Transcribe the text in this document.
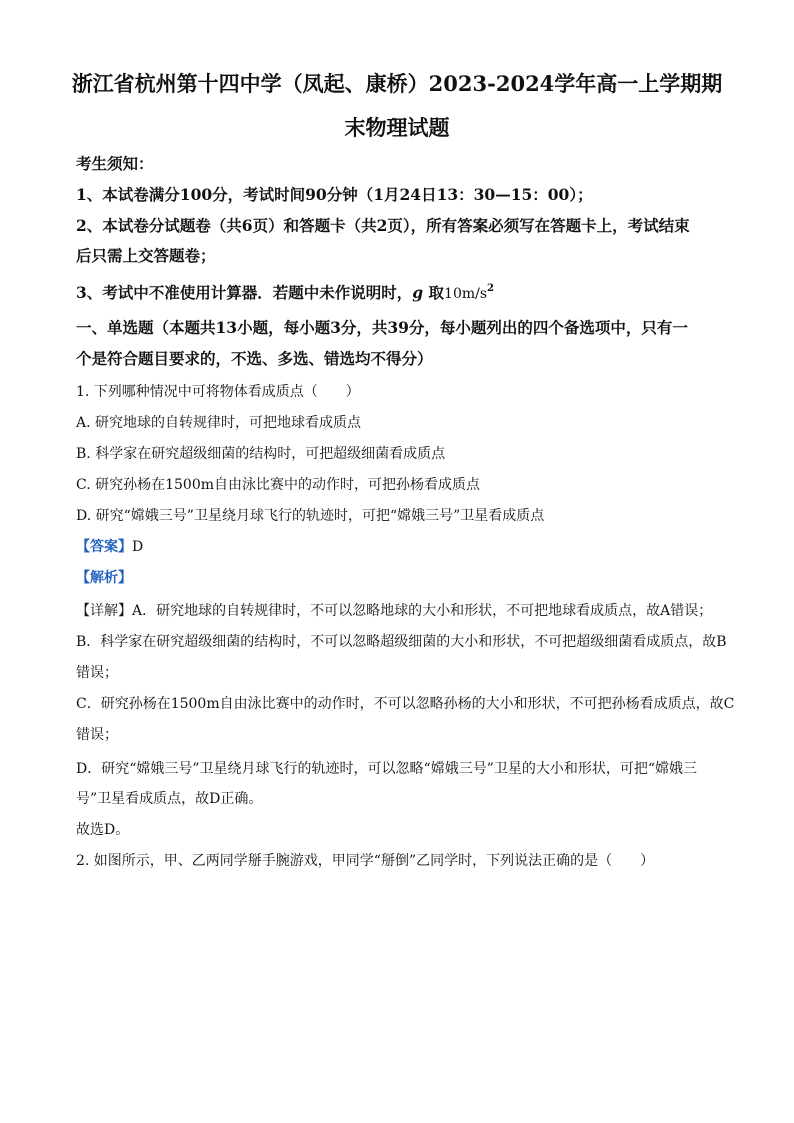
浙江省杭州第十四中学（凤起、康桥）2023-2024学年高一上学期期
末物理试题
考生须知：
1、本试卷满分100分，考试时间90分钟（1月24日13：30—15：00）；
2、本试卷分试题卷（共6页）和答题卡（共2页），所有答案必须写在答题卡上，考试结束
后只需上交答题卷；
3、考试中不准使用计算器．若题中未作说明时，g 取$10m/s^2$
一、单选题（本题共13小题，每小题3分，共39分，每小题列出的四个备选项中，只有一
个是符合题目要求的，不选、多选、错选均不得分）
1. 下列哪种情况中可将物体看成质点（　　）
A. 研究地球的自转规律时，可把地球看成质点
B. 科学家在研究超级细菌的结构时，可把超级细菌看成质点
C. 研究孙杨在1500m自由泳比赛中的动作时，可把孙杨看成质点
D. 研究“嫦娥三号”卫星绕月球飞行的轨迹时，可把“嫦娥三号”卫星看成质点
【答案】D
【解析】
【详解】A．研究地球的自转规律时，不可以忽略地球的大小和形状，不可把地球看成质点，故A错误；
B．科学家在研究超级细菌的结构时，不可以忽略超级细菌的大小和形状，不可把超级细菌看成质点，故B
错误；
C．研究孙杨在1500m自由泳比赛中的动作时，不可以忽略孙杨的大小和形状，不可把孙杨看成质点，故C
错误；
D．研究“嫦娥三号”卫星绕月球飞行的轨迹时，可以忽略“嫦娥三号”卫星的大小和形状，可把“嫦娥三
号”卫星看成质点，故D正确。
故选D。
2. 如图所示，甲、乙两同学掰手腕游戏，甲同学“掰倒”乙同学时，下列说法正确的是（　　）
